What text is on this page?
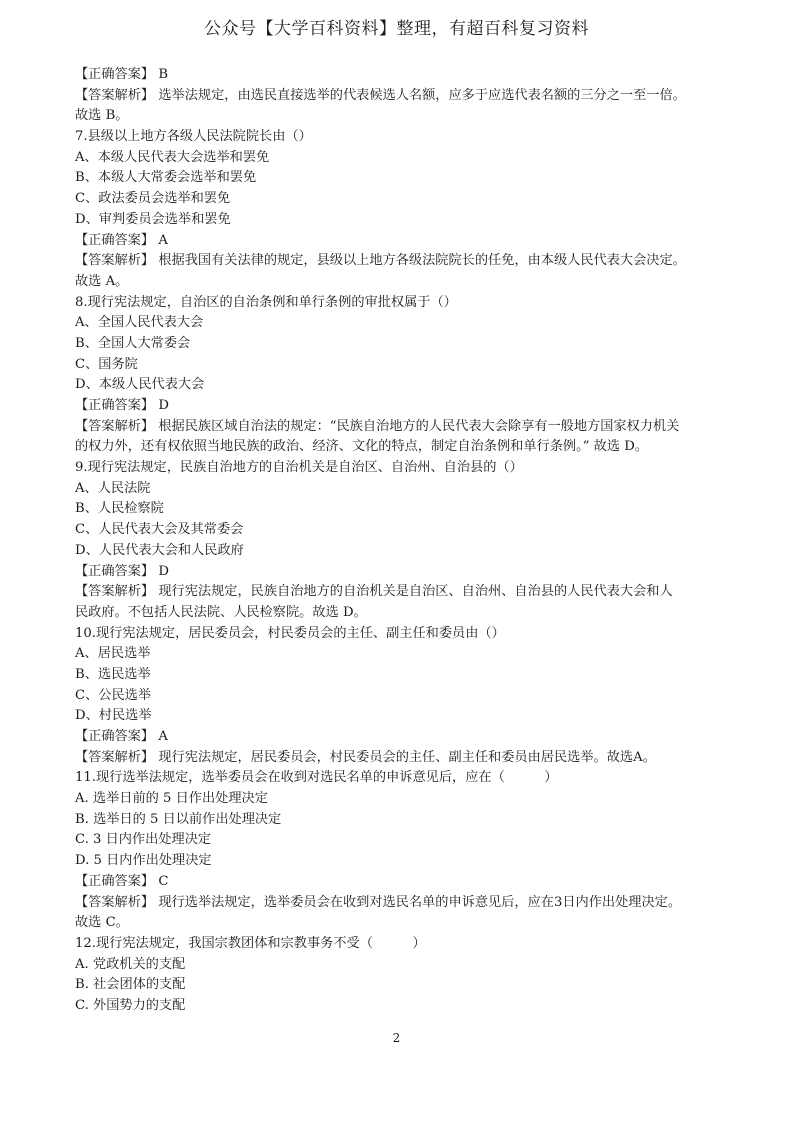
公众号【大学百科资料】整理，有超百科复习资料
【正确答案】 B
【答案解析】 选举法规定，由选民直接选举的代表候选人名额，应多于应选代表名额的三分之一至一倍。
故选 B。
7.县级以上地方各级人民法院院长由（）
A、本级人民代表大会选举和罢免
B、本级人大常委会选举和罢免
C、政法委员会选举和罢免
D、审判委员会选举和罢免
【正确答案】 A
【答案解析】 根据我国有关法律的规定，县级以上地方各级法院院长的任免，由本级人民代表大会决定。
故选 A。
8.现行宪法规定，自治区的自治条例和单行条例的审批权属于（）
A、全国人民代表大会
B、全国人大常委会
C、国务院
D、本级人民代表大会
【正确答案】 D
【答案解析】 根据民族区域自治法的规定：“民族自治地方的人民代表大会除享有一般地方国家权力机关
的权力外，还有权依照当地民族的政治、经济、文化的特点，制定自治条例和单行条例。” 故选 D。
9.现行宪法规定，民族自治地方的自治机关是自治区、自治州、自治县的（）
A、人民法院
B、人民检察院
C、人民代表大会及其常委会
D、人民代表大会和人民政府
【正确答案】 D
【答案解析】 现行宪法规定，民族自治地方的自治机关是自治区、自治州、自治县的人民代表大会和人
民政府。不包括人民法院、人民检察院。故选 D。
10.现行宪法规定，居民委员会，村民委员会的主任、副主任和委员由（）
A、居民选举
B、选民选举
C、公民选举
D、村民选举
【正确答案】 A
【答案解析】 现行宪法规定，居民委员会，村民委员会的主任、副主任和委员由居民选举。故选A。
11.现行选举法规定，选举委员会在收到对选民名单的申诉意见后，应在（　　　）
A. 选举日前的 5 日作出处理决定
B. 选举日的 5 日以前作出处理决定
C. 3 日内作出处理决定
D. 5 日内作出处理决定
【正确答案】 C
【答案解析】 现行选举法规定，选举委员会在收到对选民名单的申诉意见后，应在3日内作出处理决定。
故选 C。
12.现行宪法规定，我国宗教团体和宗教事务不受（　　　）
A. 党政机关的支配
B. 社会团体的支配
C. 外国势力的支配
2
